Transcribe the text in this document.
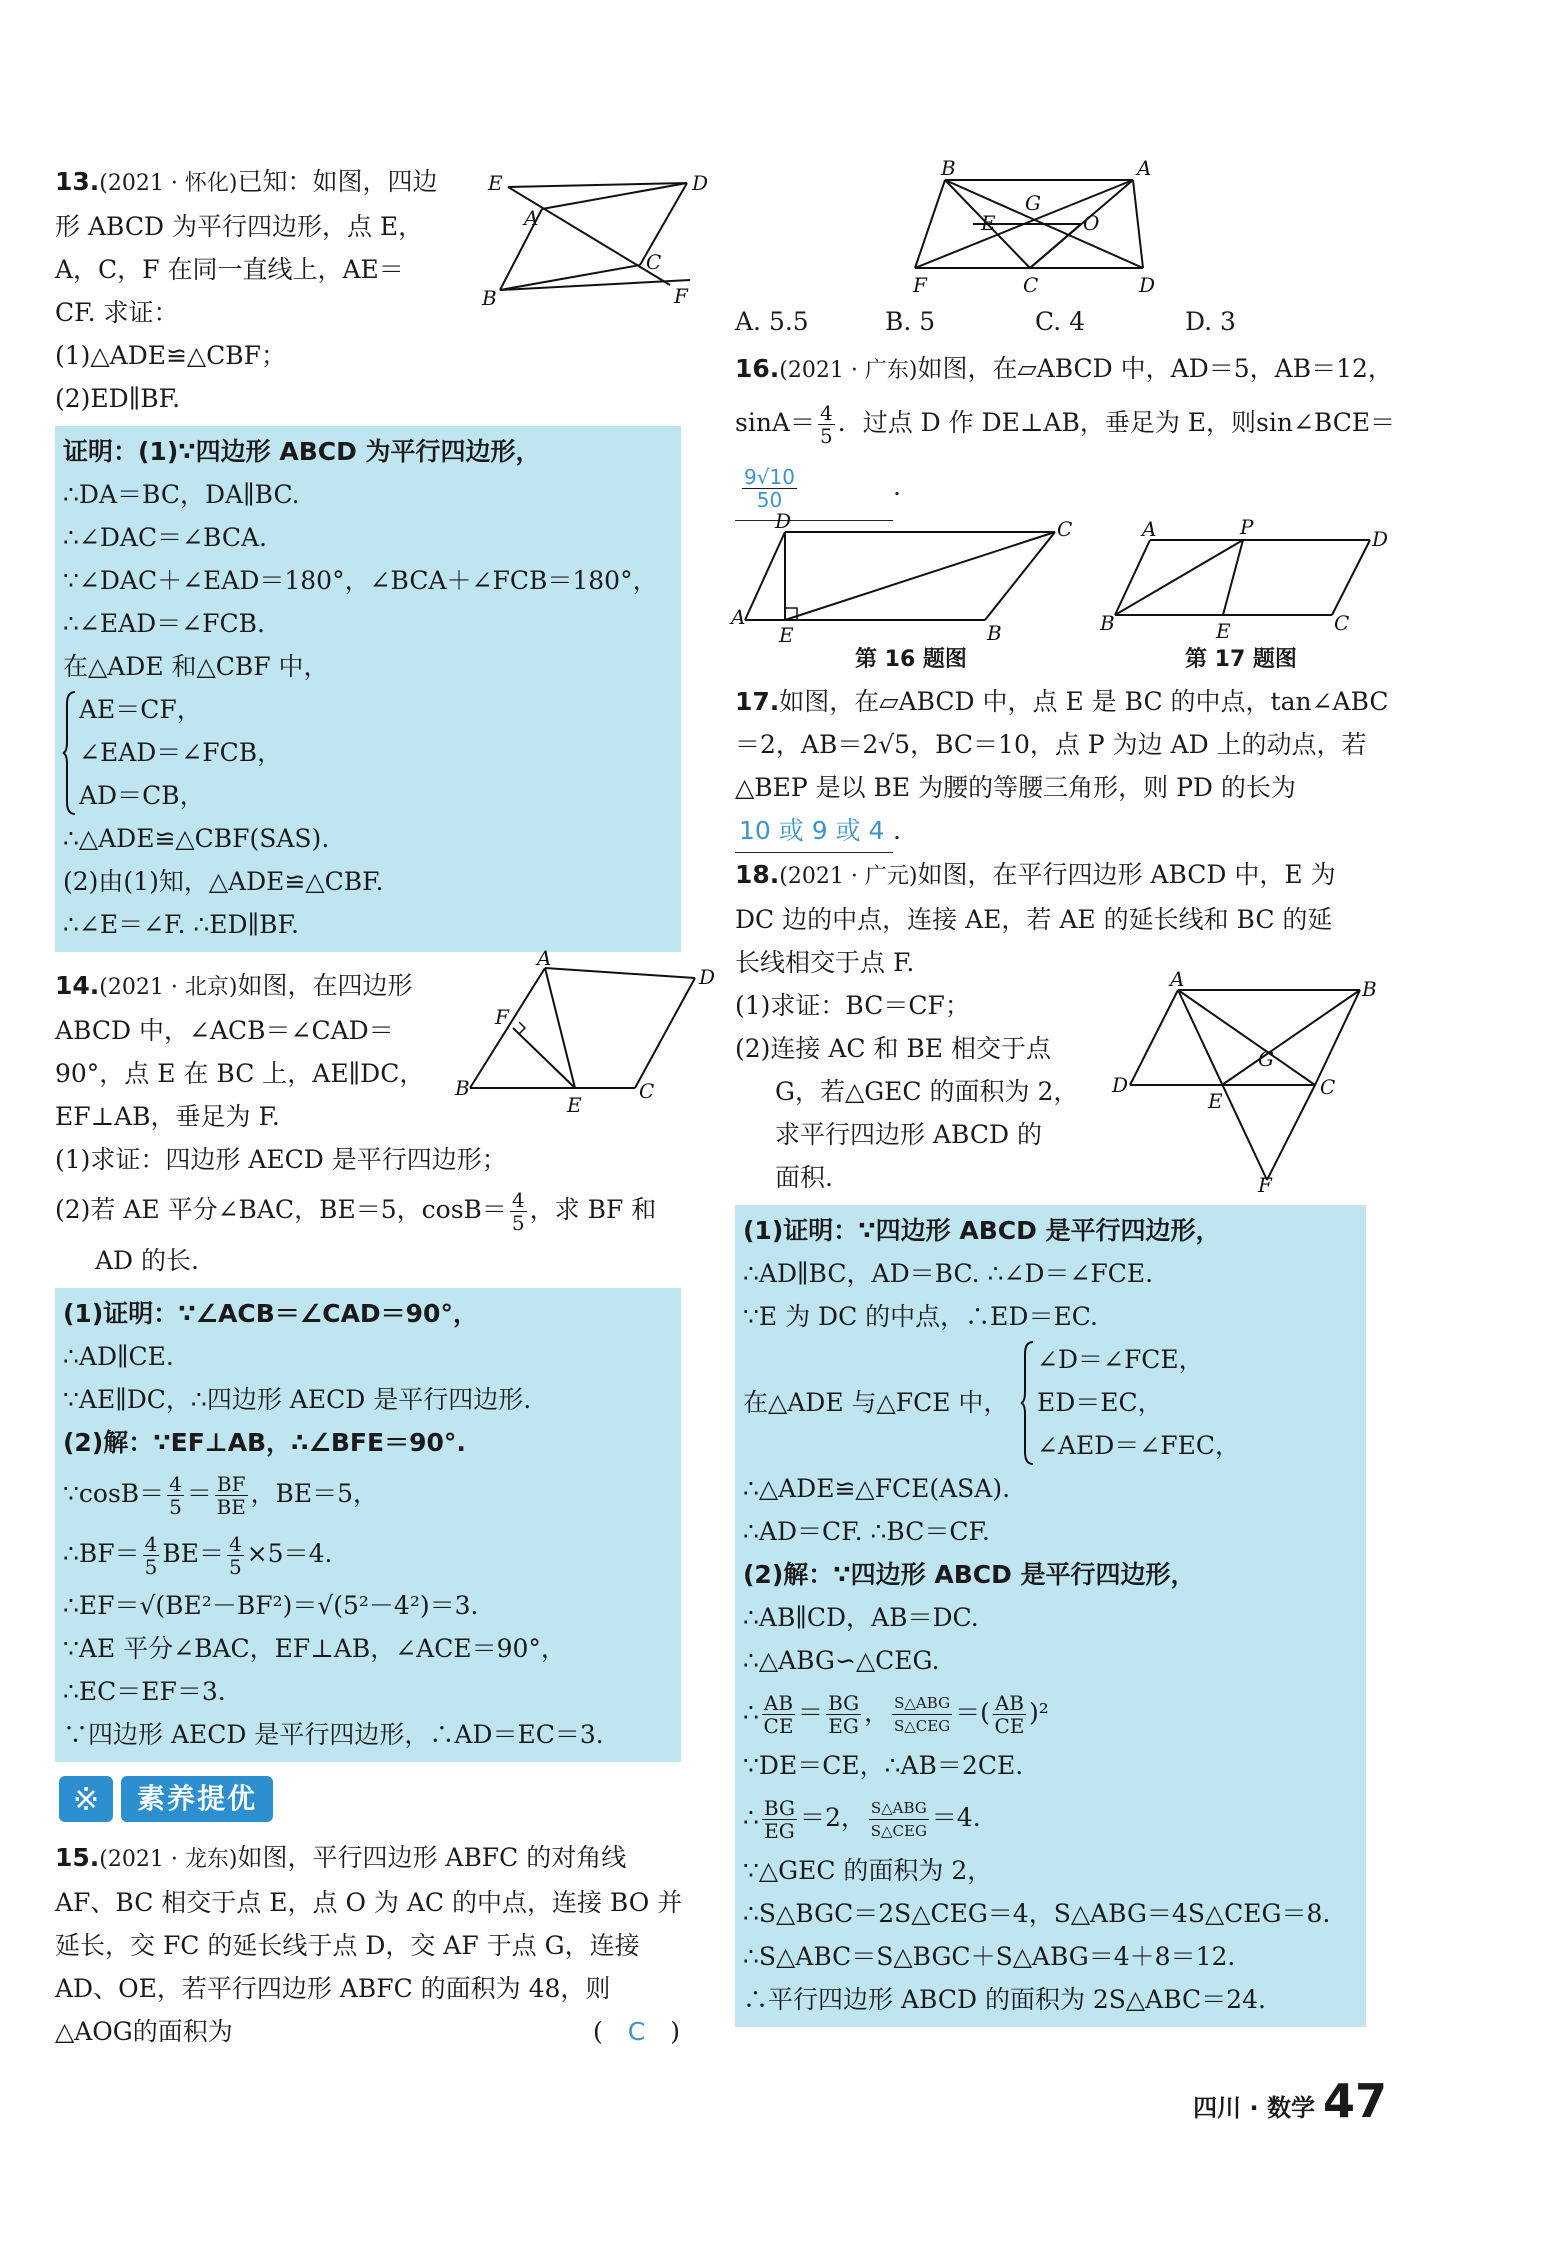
13.(2021 · 怀化)已知：如图，四边
形 ABCD 为平行四边形，点 E，
A，C，F 在同一直线上，AE＝
CF. 求证：
(1)△ADE≌△CBF；
(2)ED∥BF.
E	D
A
C
B	F
证明：(1)∵四边形 ABCD 为平行四边形，
∴DA＝BC，DA∥BC.
∴∠DAC＝∠BCA.
∵∠DAC＋∠EAD＝180°，∠BCA＋∠FCB＝180°，
∴∠EAD＝∠FCB.
在△ADE 和△CBF 中，
AE＝CF，
∠EAD＝∠FCB，
AD＝CB，
∴△ADE≌△CBF(SAS).
(2)由(1)知，△ADE≌△CBF.
∴∠E＝∠F. ∴ED∥BF.
14.(2021 · 北京)如图，在四边形
ABCD 中，∠ACB＝∠CAD＝
90°，点 E 在 BC 上，AE∥DC，
EF⊥AB，垂足为 F.
(1)求证：四边形 AECD 是平行四边形；
(2)若 AE 平分∠BAC，BE＝5，$\cos B= \frac{4}{5}$ ，求 BF 和
AD 的长.
A
D
F
B
E
C
(1)证明：∵∠ACB＝∠CAD＝90°，
∴AD∥CE.
∵AE∥DC，∴四边形 AECD 是平行四边形.
(2)解：∵EF⊥AB，∴∠BFE＝90°.
∵cosB＝ $\frac{4}{5} = \frac{BF}{BE}$ ，BE＝5，
∴BF＝ $\frac{4}{5} BE= \frac{4}{5} \times 5=4$.
∴EF＝√(BE²－BF²)＝√(5²－4²)＝3.
∵AE 平分∠BAC，EF⊥AB，∠ACE＝90°，
∴EC＝EF＝3.
∵四边形 AECD 是平行四边形，∴AD＝EC＝3.
※	素养提优
15.(2021 · 龙东)如图，平行四边形 ABFC 的对角线
AF、BC 相交于点 E，点 O 为 AC 的中点，连接 BO 并
延长，交 FC 的延长线于点 D，交 AF 于点 G，连接
AD、OE，若平行四边形 ABFC 的面积为 48，则
△AOG的面积为	(　C　)
B	A
G
E	O
F	C	D
A. 5.5	B. 5	C. 4	D. 3
16.(2021 · 广东)如图，在▱ABCD 中，AD＝5，AB＝12，
$\sin A= \frac{4}{5}$ ．过点 D 作 DE⊥AB，垂足为 E，则sin∠BCE＝
$\frac{9√10}{50}$	.
D	C
A
E	B
A	P	D
B	E	C
第 16 题图	第 17 题图
17.如图，在▱ABCD 中，点 E 是 BC 的中点，tan∠ABC
＝2，AB＝2√5，BC＝10，点 P 为边 AD 上的动点，若
△BEP 是以 BE 为腰的等腰三角形，则 PD 的长为
10 或 9 或 4 .
18.(2021 · 广元)如图，在平行四边形 ABCD 中，E 为
DC 边的中点，连接 AE，若 AE 的延长线和 BC 的延
长线相交于点 F.
(1)求证：BC＝CF；
(2)连接 AC 和 BE 相交于点
G，若△GEC 的面积为 2，
求平行四边形 ABCD 的
面积.
A	B
G
D
E
C
F
(1)证明：∵四边形 ABCD 是平行四边形，
∴AD∥BC，AD＝BC. ∴∠D＝∠FCE.
∵E 为 DC 的中点，∴ED＝EC.
在△ADE 与△FCE 中，
∠D＝∠FCE，
ED＝EC，
∠AED＝∠FEC，
∴△ADE≌△FCE(ASA).
∴AD＝CF. ∴BC＝CF.
(2)解：∵四边形 ABCD 是平行四边形，
∴AB∥CD，AB＝DC.
∴△ABG∽△CEG.
∴ $\frac{AB}{CE} = \frac{BG}{EG}$ ， $\frac{\text{S△ABG}}{\text{S△CEG}}$ ＝( $\frac{AB}{CE} )^2$
∵DE＝CE，∴AB＝2CE.
∴ $\frac{BG}{EG} =2$， $\frac{\text{S△ABG}}{\text{S△CEG}} =4$.
∵△GEC 的面积为 2，
∴S△BGC＝2S△CEG＝4，S△ABG＝4S△CEG＝8.
∴S△ABC＝S△BGC＋S△ABG＝4＋8＝12.
∴平行四边形 ABCD 的面积为 2S△ABC＝24.
四川 · 数学 47
